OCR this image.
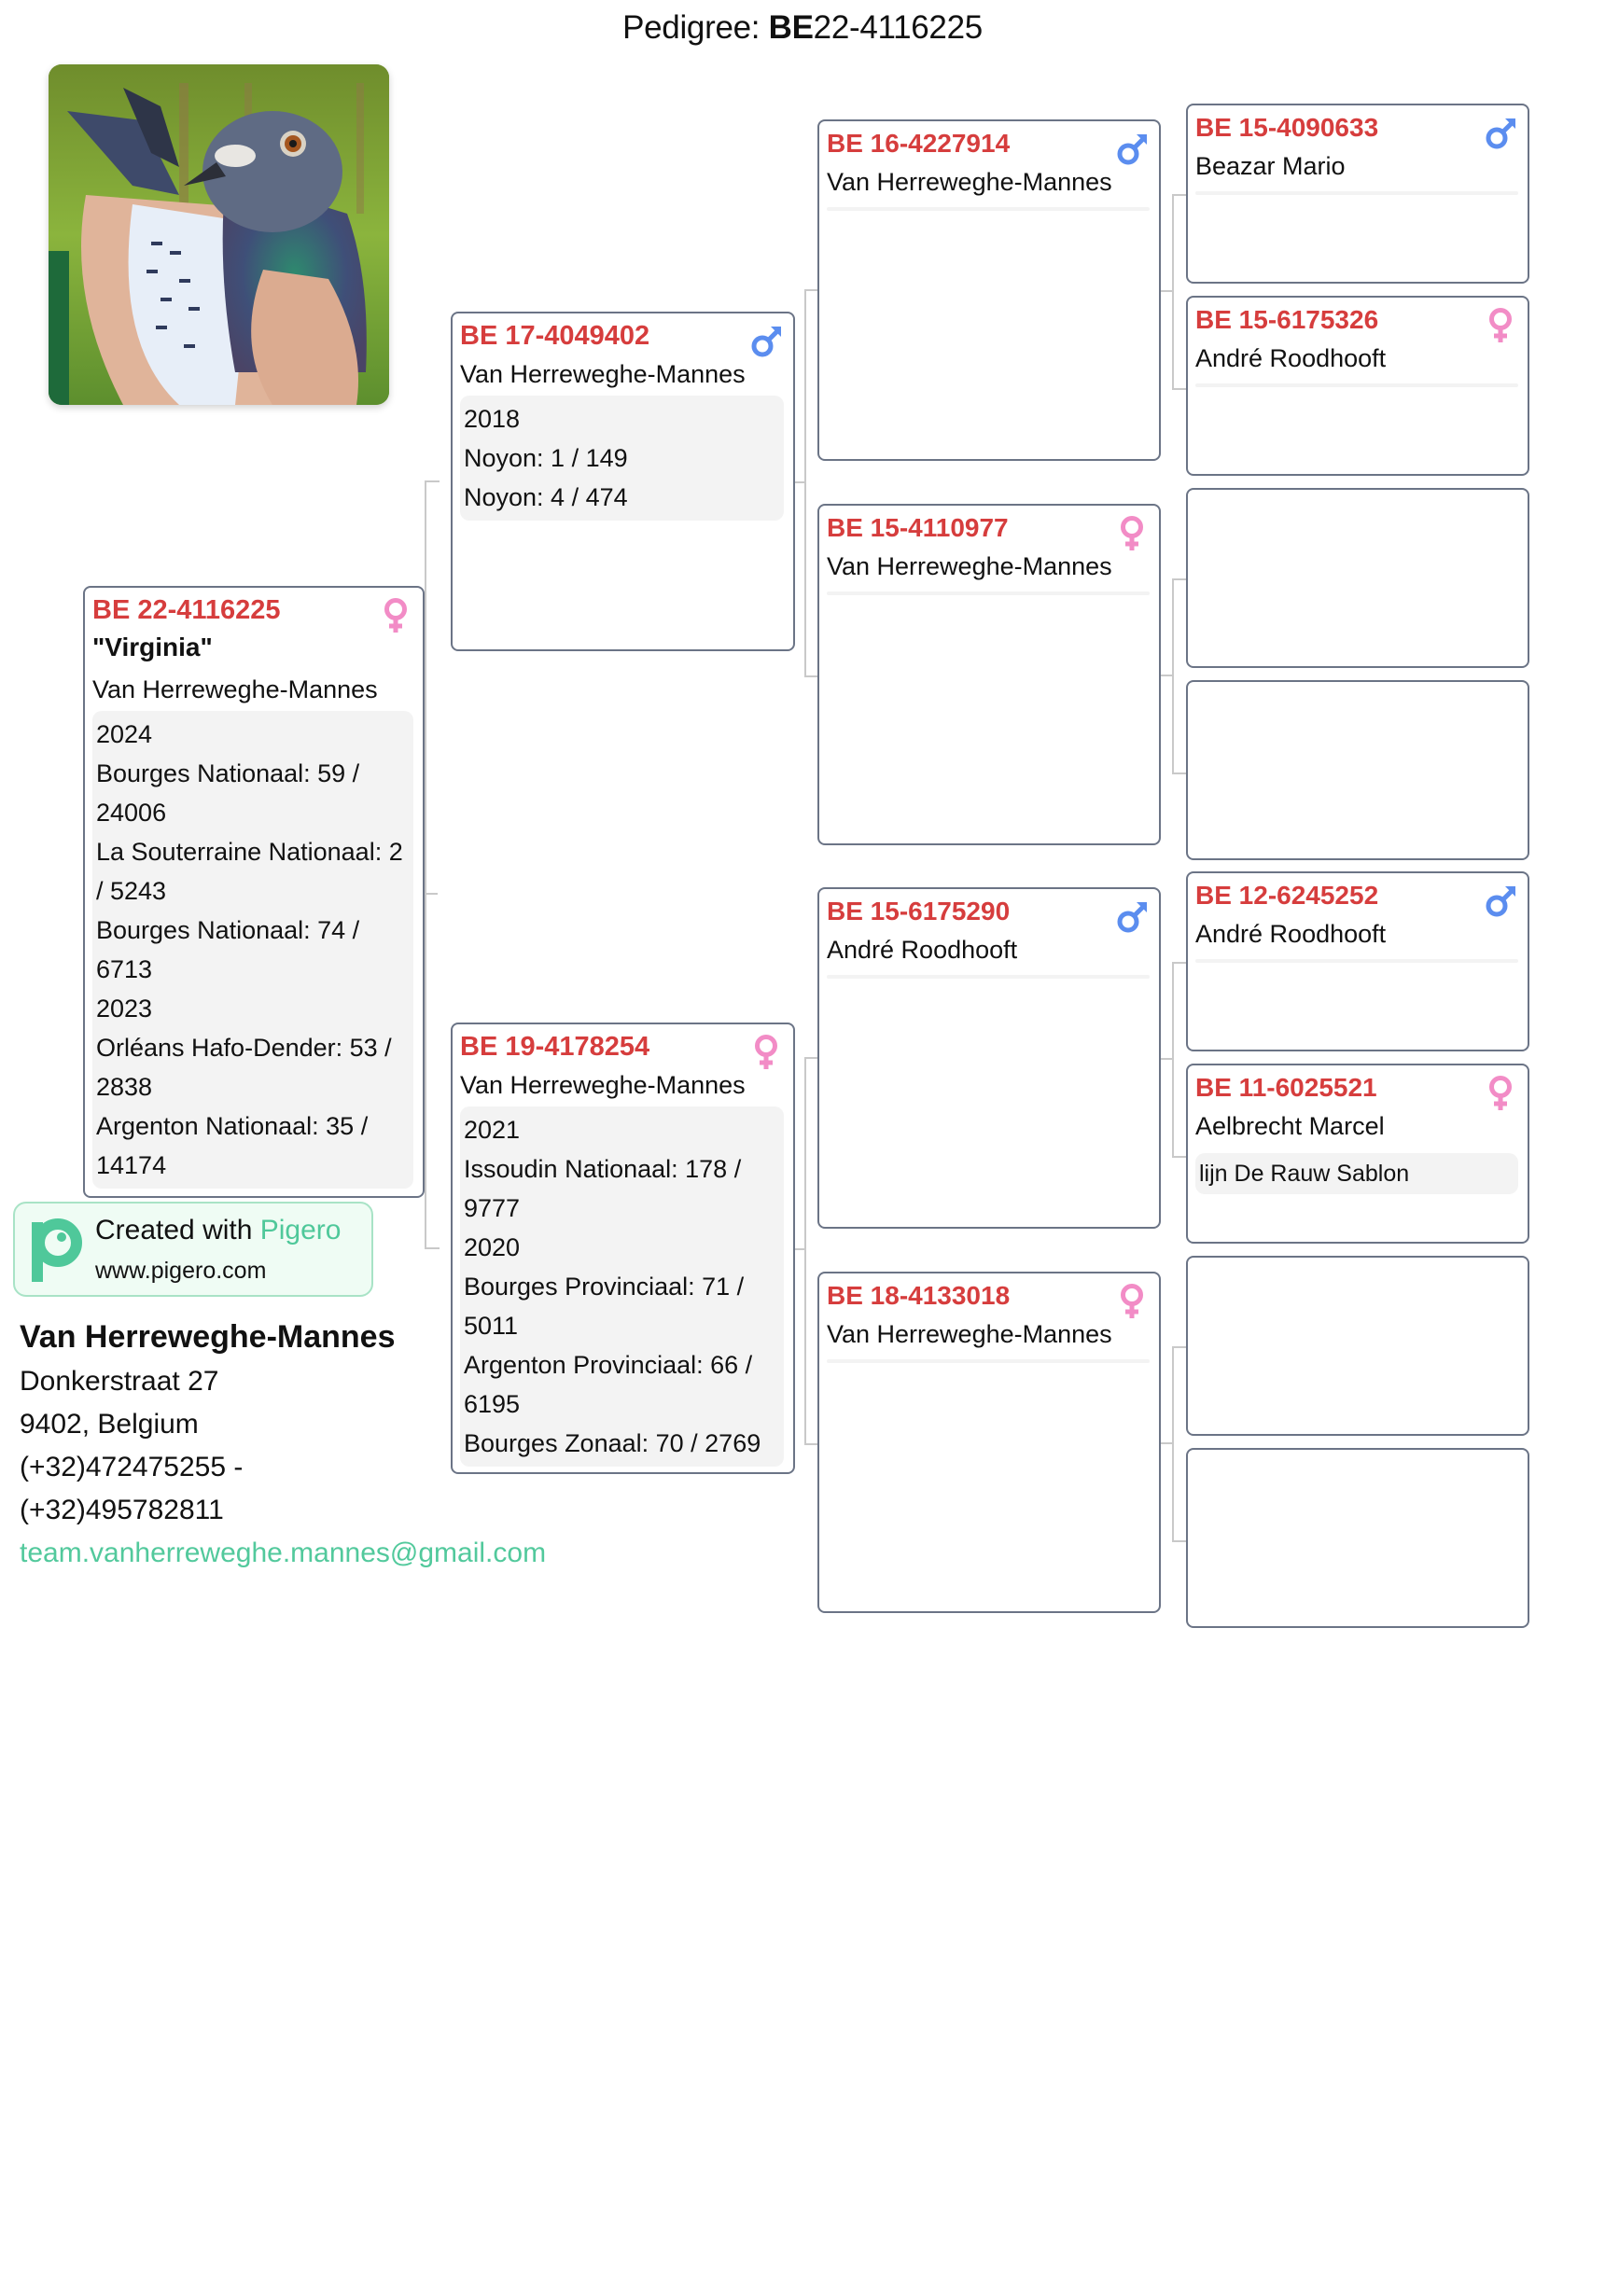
Pedigree: BE22-4116225
BE 22-4116225
"Virginia"
Van Herreweghe-Mannes
2024
Bourges Nationaal: 59 / 24006
La Souterraine Nationaal: 2 / 5243
Bourges Nationaal: 74 / 6713
2023
Orléans Hafo-Dender: 53 / 2838
Argenton Nationaal: 35 / 14174
BE 17-4049402
Van Herreweghe-Mannes
2018
Noyon: 1 / 149
Noyon: 4 / 474
BE 19-4178254
Van Herreweghe-Mannes
2021
Issoudin Nationaal: 178 / 9777
2020
Bourges Provinciaal: 71 / 5011
Argenton Provinciaal: 66 / 6195
Bourges Zonaal: 70 / 2769
BE 16-4227914
Van Herreweghe-Mannes
BE 15-4110977
Van Herreweghe-Mannes
BE 15-6175290
André Roodhooft
BE 18-4133018
Van Herreweghe-Mannes
BE 15-4090633
Beazar Mario
BE 15-6175326
André Roodhooft
BE 12-6245252
André Roodhooft
BE 11-6025521
Aelbrecht Marcel
lijn De Rauw Sablon
Created with Pigero
www.pigero.com
Van Herreweghe-Mannes
Donkerstraat 27
9402, Belgium
(+32)472475255 -
(+32)495782811
team.vanherreweghe.mannes@gmail.com
